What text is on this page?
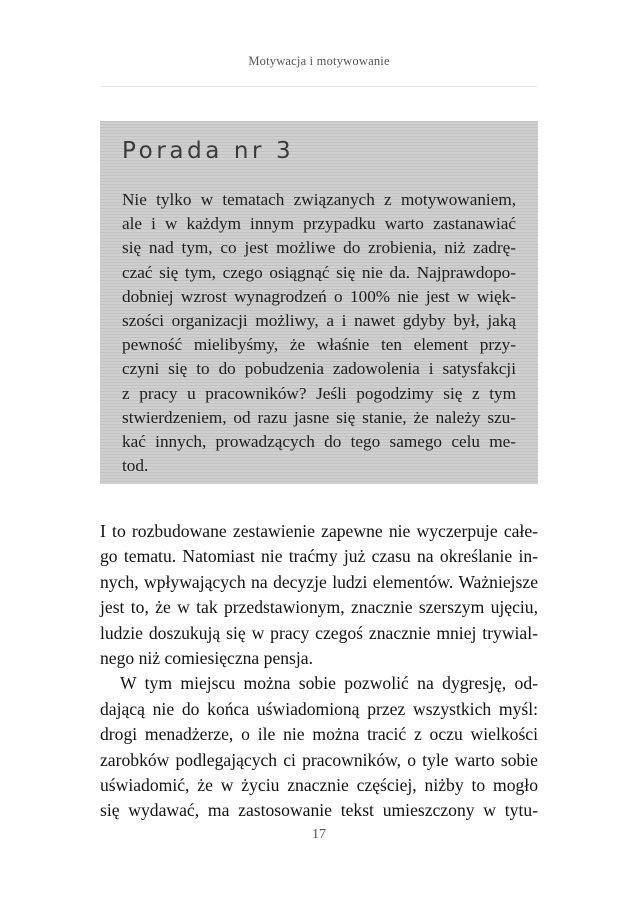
Motywacja i motywowanie
Porada nr 3
Nie tylko w tematach związanych z motywowaniem,
ale i w każdym innym przypadku warto zastanawiać
się nad tym, co jest możliwe do zrobienia, niż zadrę-
czać się tym, czego osiągnąć się nie da. Najprawdopo-
dobniej wzrost wynagrodzeń o 100% nie jest w więk-
szości organizacji możliwy, a i nawet gdyby był, jaką
pewność mielibyśmy, że właśnie ten element przy-
czyni się to do pobudzenia zadowolenia i satysfakcji
z pracy u pracowników? Jeśli pogodzimy się z tym
stwierdzeniem, od razu jasne się stanie, że należy szu-
kać innych, prowadzących do tego samego celu me-
tod.
I to rozbudowane zestawienie zapewne nie wyczerpuje całe-
go tematu. Natomiast nie traćmy już czasu na określanie in-
nych, wpływających na decyzje ludzi elementów. Ważniejsze
jest to, że w tak przedstawionym, znacznie szerszym ujęciu,
ludzie doszukują się w pracy czegoś znacznie mniej trywial-
nego niż comiesięczna pensja.
W tym miejscu można sobie pozwolić na dygresję, od-
dającą nie do końca uświadomioną przez wszystkich myśl:
drogi menadżerze, o ile nie można tracić z oczu wielkości
zarobków podlegających ci pracowników, o tyle warto sobie
uświadomić, że w życiu znacznie częściej, niżby to mogło
się wydawać, ma zastosowanie tekst umieszczony w tytu-
17
